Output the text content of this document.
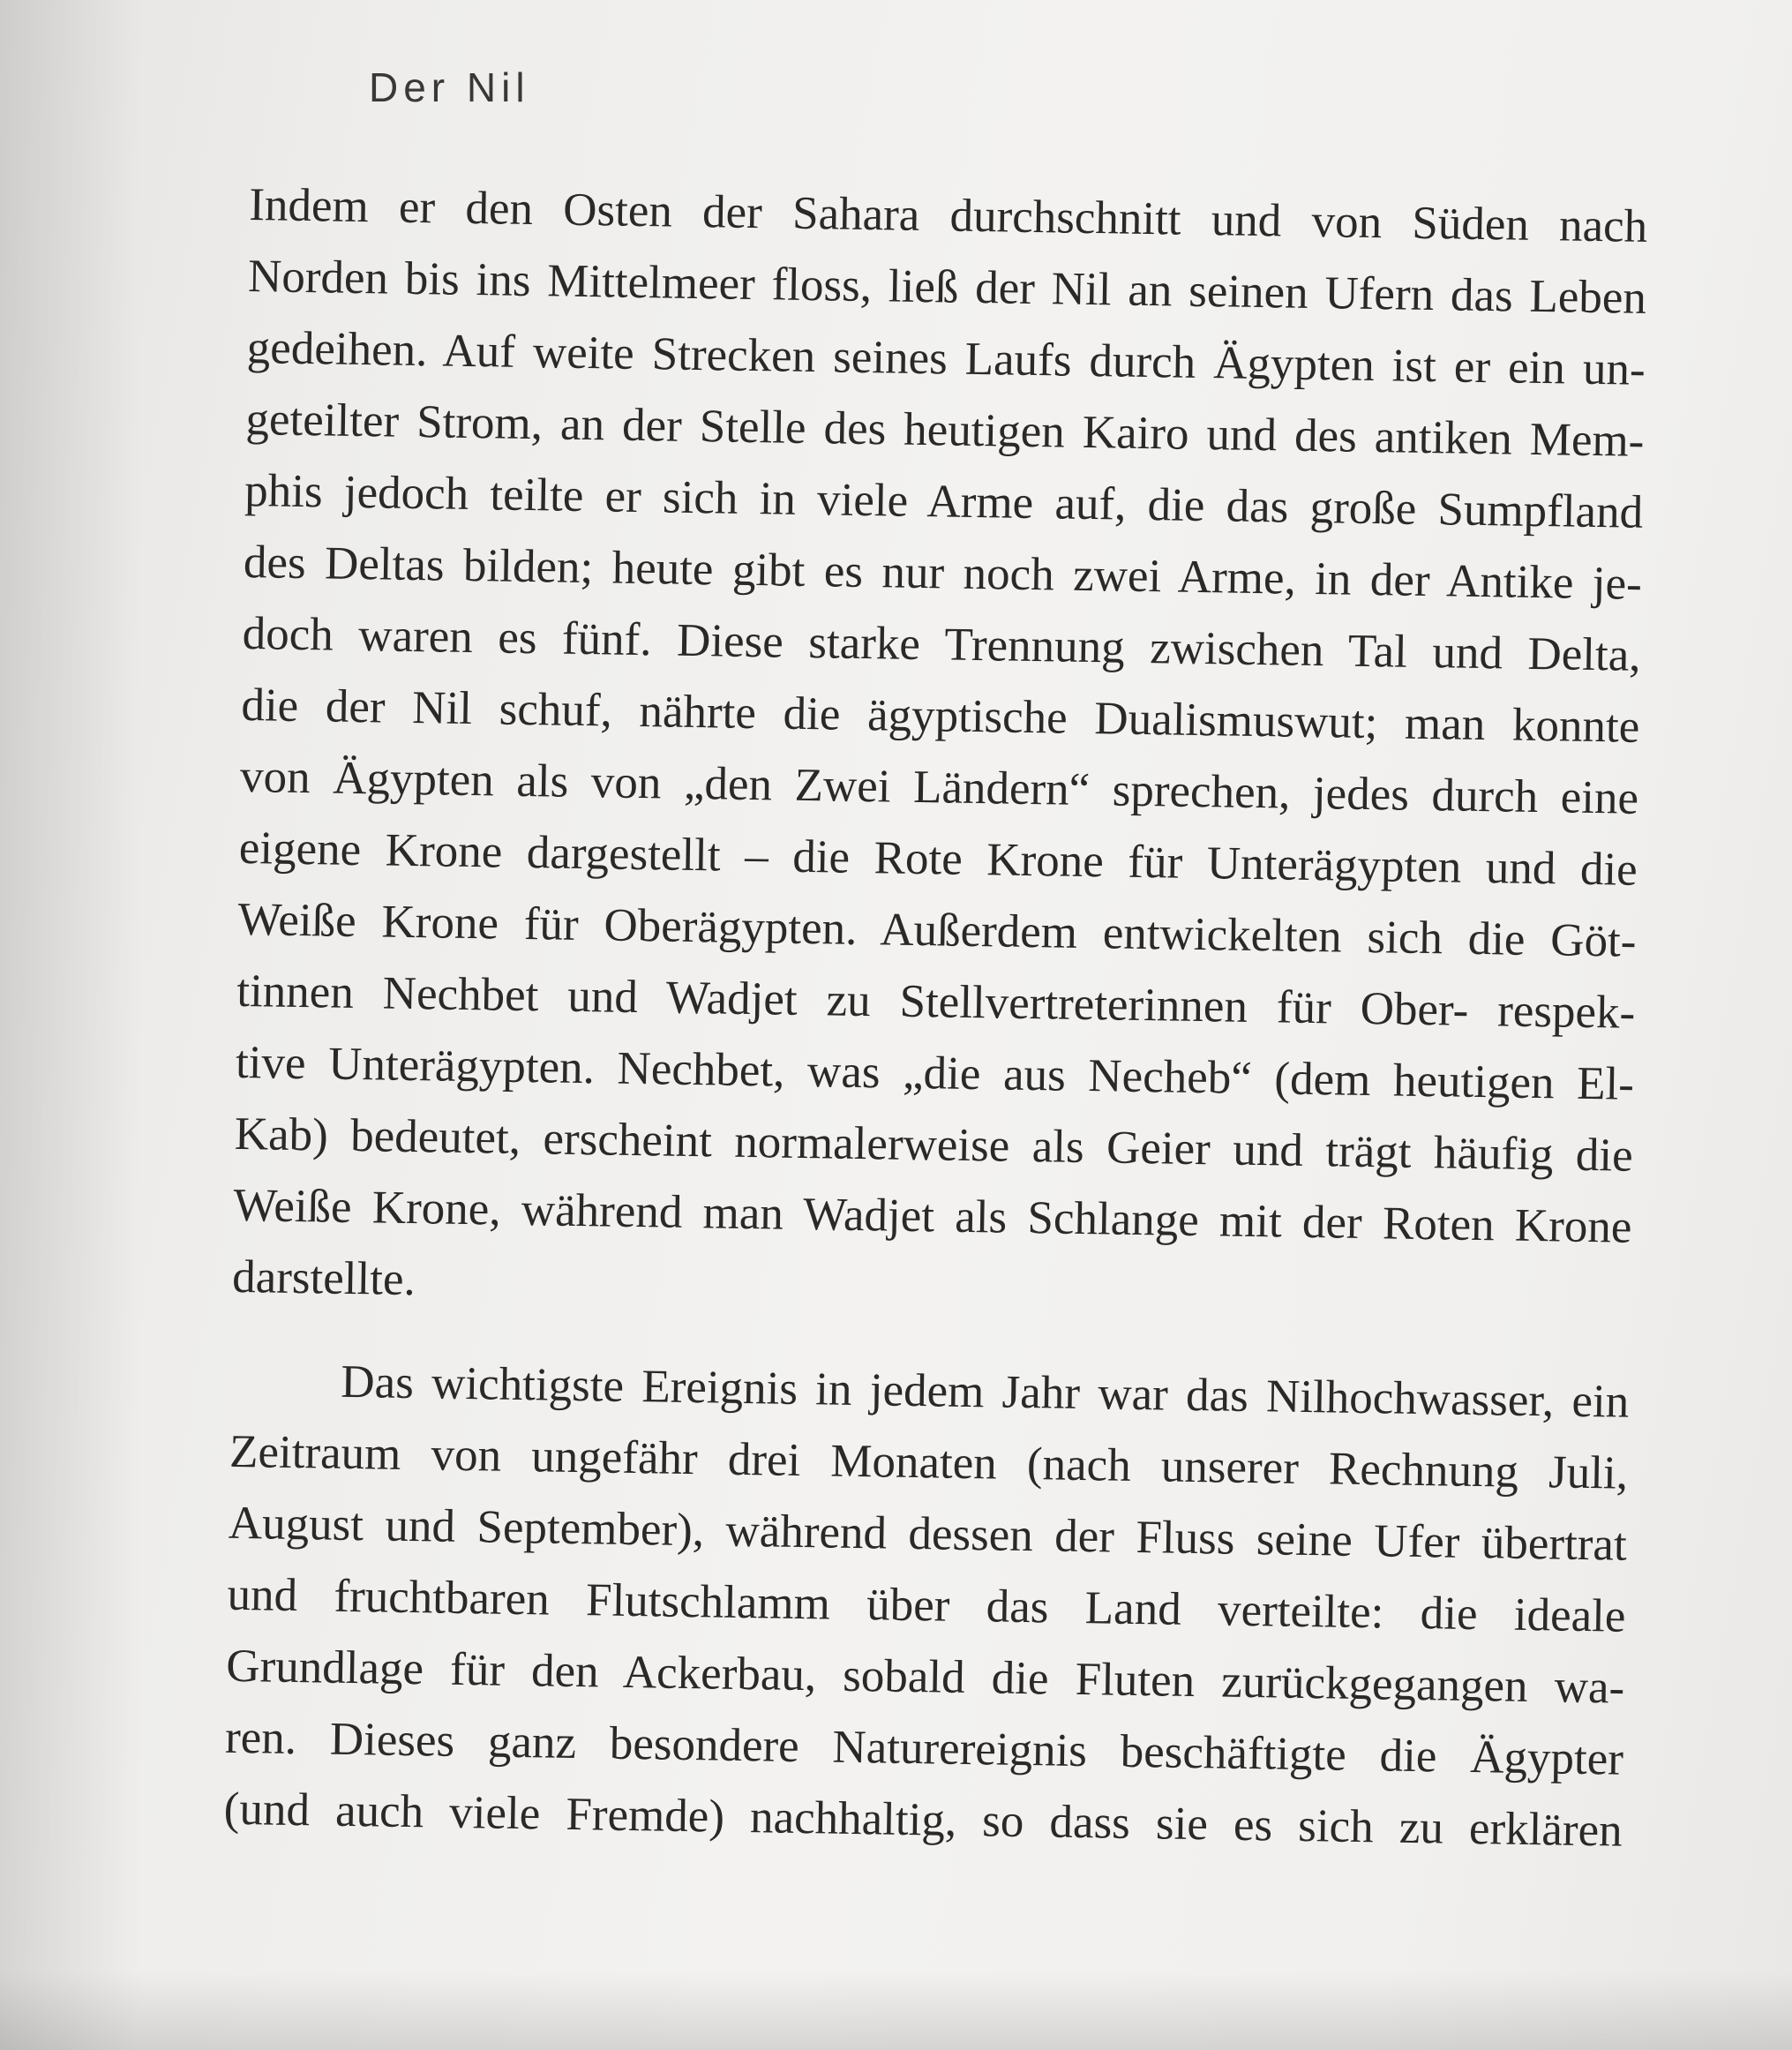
Der Nil
Indem er den Osten der Sahara durchschnitt und von Süden nach
Norden bis ins Mittelmeer floss, ließ der Nil an seinen Ufern das Leben
gedeihen. Auf weite Strecken seines Laufs durch Ägypten ist er ein un-
geteilter Strom, an der Stelle des heutigen Kairo und des antiken Mem-
phis jedoch teilte er sich in viele Arme auf, die das große Sumpfland
des Deltas bilden; heute gibt es nur noch zwei Arme, in der Antike je-
doch waren es fünf. Diese starke Trennung zwischen Tal und Delta,
die der Nil schuf, nährte die ägyptische Dualismuswut; man konnte
von Ägypten als von „den Zwei Ländern“ sprechen, jedes durch eine
eigene Krone dargestellt – die Rote Krone für Unterägypten und die
Weiße Krone für Oberägypten. Außerdem entwickelten sich die Göt-
tinnen Nechbet und Wadjet zu Stellvertreterinnen für Ober- respek-
tive Unterägypten. Nechbet, was „die aus Necheb“ (dem heutigen El-
Kab) bedeutet, erscheint normalerweise als Geier und trägt häufig die
Weiße Krone, während man Wadjet als Schlange mit der Roten Krone
darstellte.
Das wichtigste Ereignis in jedem Jahr war das Nilhochwasser, ein
Zeitraum von ungefähr drei Monaten (nach unserer Rechnung Juli,
August und September), während dessen der Fluss seine Ufer übertrat
und fruchtbaren Flutschlamm über das Land verteilte: die ideale
Grundlage für den Ackerbau, sobald die Fluten zurückgegangen wa-
ren. Dieses ganz besondere Naturereignis beschäftigte die Ägypter
(und auch viele Fremde) nachhaltig, so dass sie es sich zu erklären
